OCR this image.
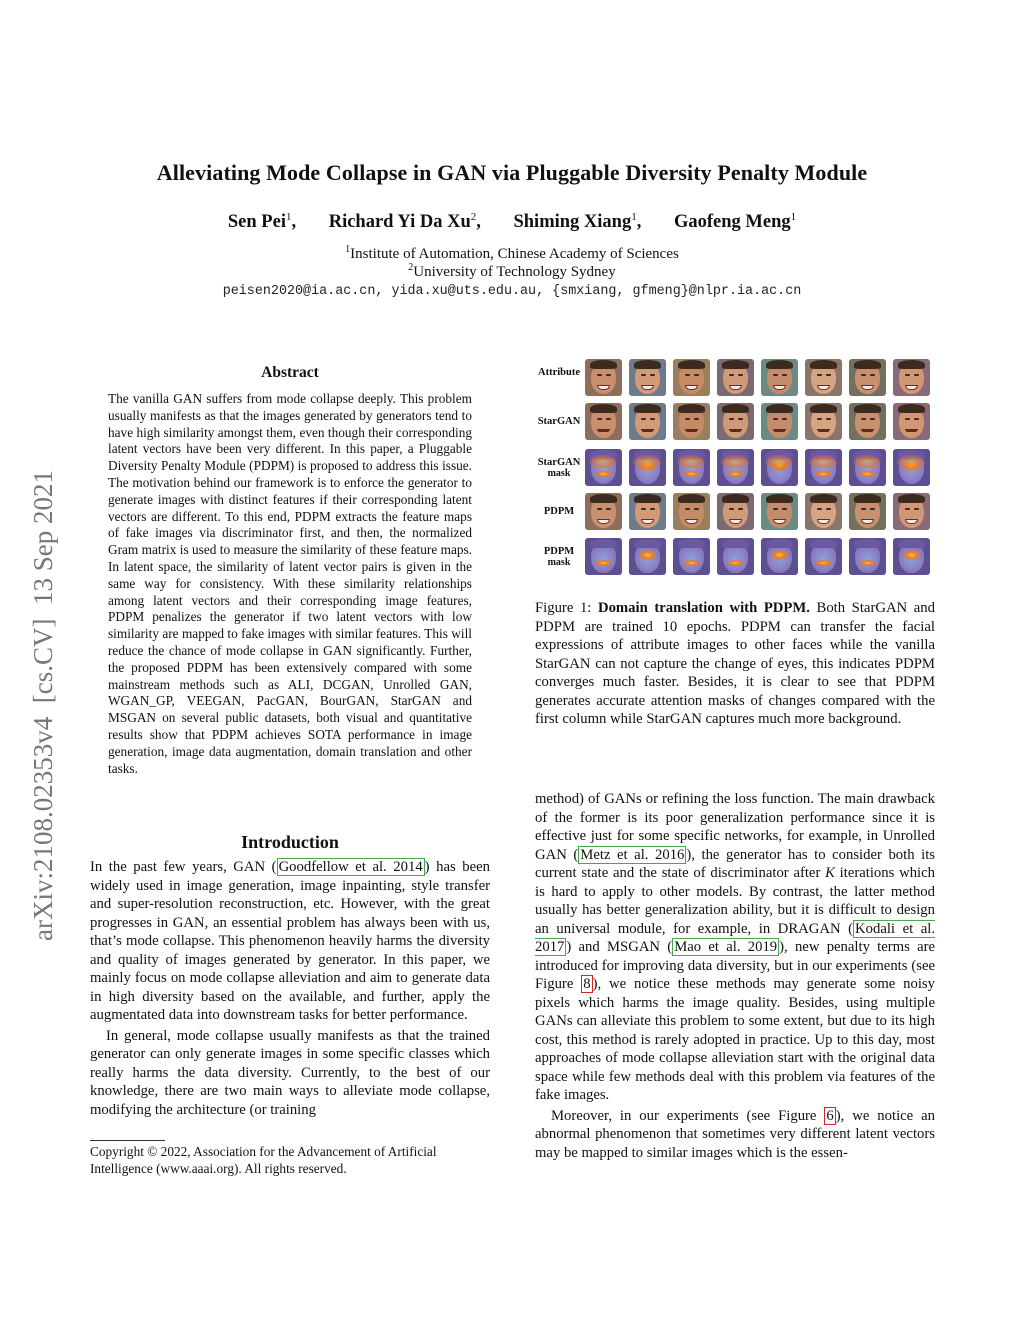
Alleviating Mode Collapse in GAN via Pluggable Diversity Penalty Module
Sen Pei$^1$, Richard Yi Da Xu$^2$, Shiming Xiang$^1$, Gaofeng Meng$^1$
$^1$Institute of Automation, Chinese Academy of Sciences
$^2$University of Technology Sydney
peisen2020@ia.ac.cn, yida.xu@uts.edu.au, {smxiang, gfmeng}@nlpr.ia.ac.cn
arXiv:2108.02353v4  [cs.CV]  13 Sep 2021
Abstract
The vanilla GAN suffers from mode collapse deeply. This problem usually manifests as that the images generated by generators tend to have high similarity amongst them, even though their corresponding latent vectors have been very different. In this paper, a Pluggable Diversity Penalty Module (PDPM) is proposed to address this issue. The motivation behind our framework is to enforce the generator to generate images with distinct features if their corresponding latent vectors are different. To this end, PDPM extracts the feature maps of fake images via discriminator first, and then, the normalized Gram matrix is used to measure the similarity of these feature maps. In latent space, the similarity of latent vector pairs is given in the same way for consistency. With these similarity relationships among latent vectors and their corresponding image features, PDPM penalizes the generator if two latent vectors with low similarity are mapped to fake images with similar features. This will reduce the chance of mode collapse in GAN significantly. Further, the proposed PDPM has been extensively compared with some mainstream methods such as ALI, DCGAN, Unrolled GAN, WGAN_GP, VEEGAN, PacGAN, BourGAN, StarGAN and MSGAN on several public datasets, both visual and quantitative results show that PDPM achieves SOTA performance in image generation, image data augmentation, domain translation and other tasks.
Introduction

In the past few years, GAN ( Goodfellow et al. 2014 ) has been widely used in image generation, image inpainting, style transfer and super-resolution reconstruction, etc. However, with the great progresses in GAN, an essential problem has always been with us, that’s mode collapse. This phenomenon heavily harms the diversity and quality of images generated by generator. In this paper, we mainly focus on mode collapse alleviation and aim to generate data in high diversity based on the available, and further, apply the augmentated data into downstream tasks for better performance.

In general, mode collapse usually manifests as that the trained generator can only generate images in some specific classes which really harms the data diversity. Currently, to the best of our knowledge, there are two main ways to alleviate mode collapse, modifying the architecture (or training

Copyright © 2022, Association for the Advancement of Artificial Intelligence (www.aaai.org). All rights reserved.
Attribute
StarGAN
StarGAN
mask
PDPM
PDPM
mask
Figure 1: Domain translation with PDPM. Both StarGAN and PDPM are trained 10 epochs. PDPM can transfer the facial expressions of attribute images to other faces while the vanilla StarGAN can not capture the change of eyes, this indicates PDPM converges much faster. Besides, it is clear to see that PDPM generates accurate attention masks of changes compared with the first column while StarGAN captures much more background.

method) of GANs or refining the loss function. The main drawback of the former is its poor generalization performance since it is effective just for some specific networks, for example, in Unrolled GAN ( Metz et al. 2016 ), the generator has to consider both its current state and the state of discriminator after K iterations which is hard to apply to other models. By contrast, the latter method usually has better generalization ability, but it is difficult to design an universal module, for example, in DRAGAN ( Kodali et al. 2017 ) and MSGAN ( Mao et al. 2019 ), new penalty terms are introduced for improving data diversity, but in our experiments (see Figure 8 ), we notice these methods may generate some noisy pixels which harms the image quality. Besides, using multiple GANs can alleviate this problem to some extent, but due to its high cost, this method is rarely adopted in practice. Up to this day, most approaches of mode collapse alleviation start with the original data space while few methods deal with this problem via features of the fake images.

Moreover, in our experiments (see Figure 6 ), we notice an abnormal phenomenon that sometimes very different latent vectors may be mapped to similar images which is the essen-
